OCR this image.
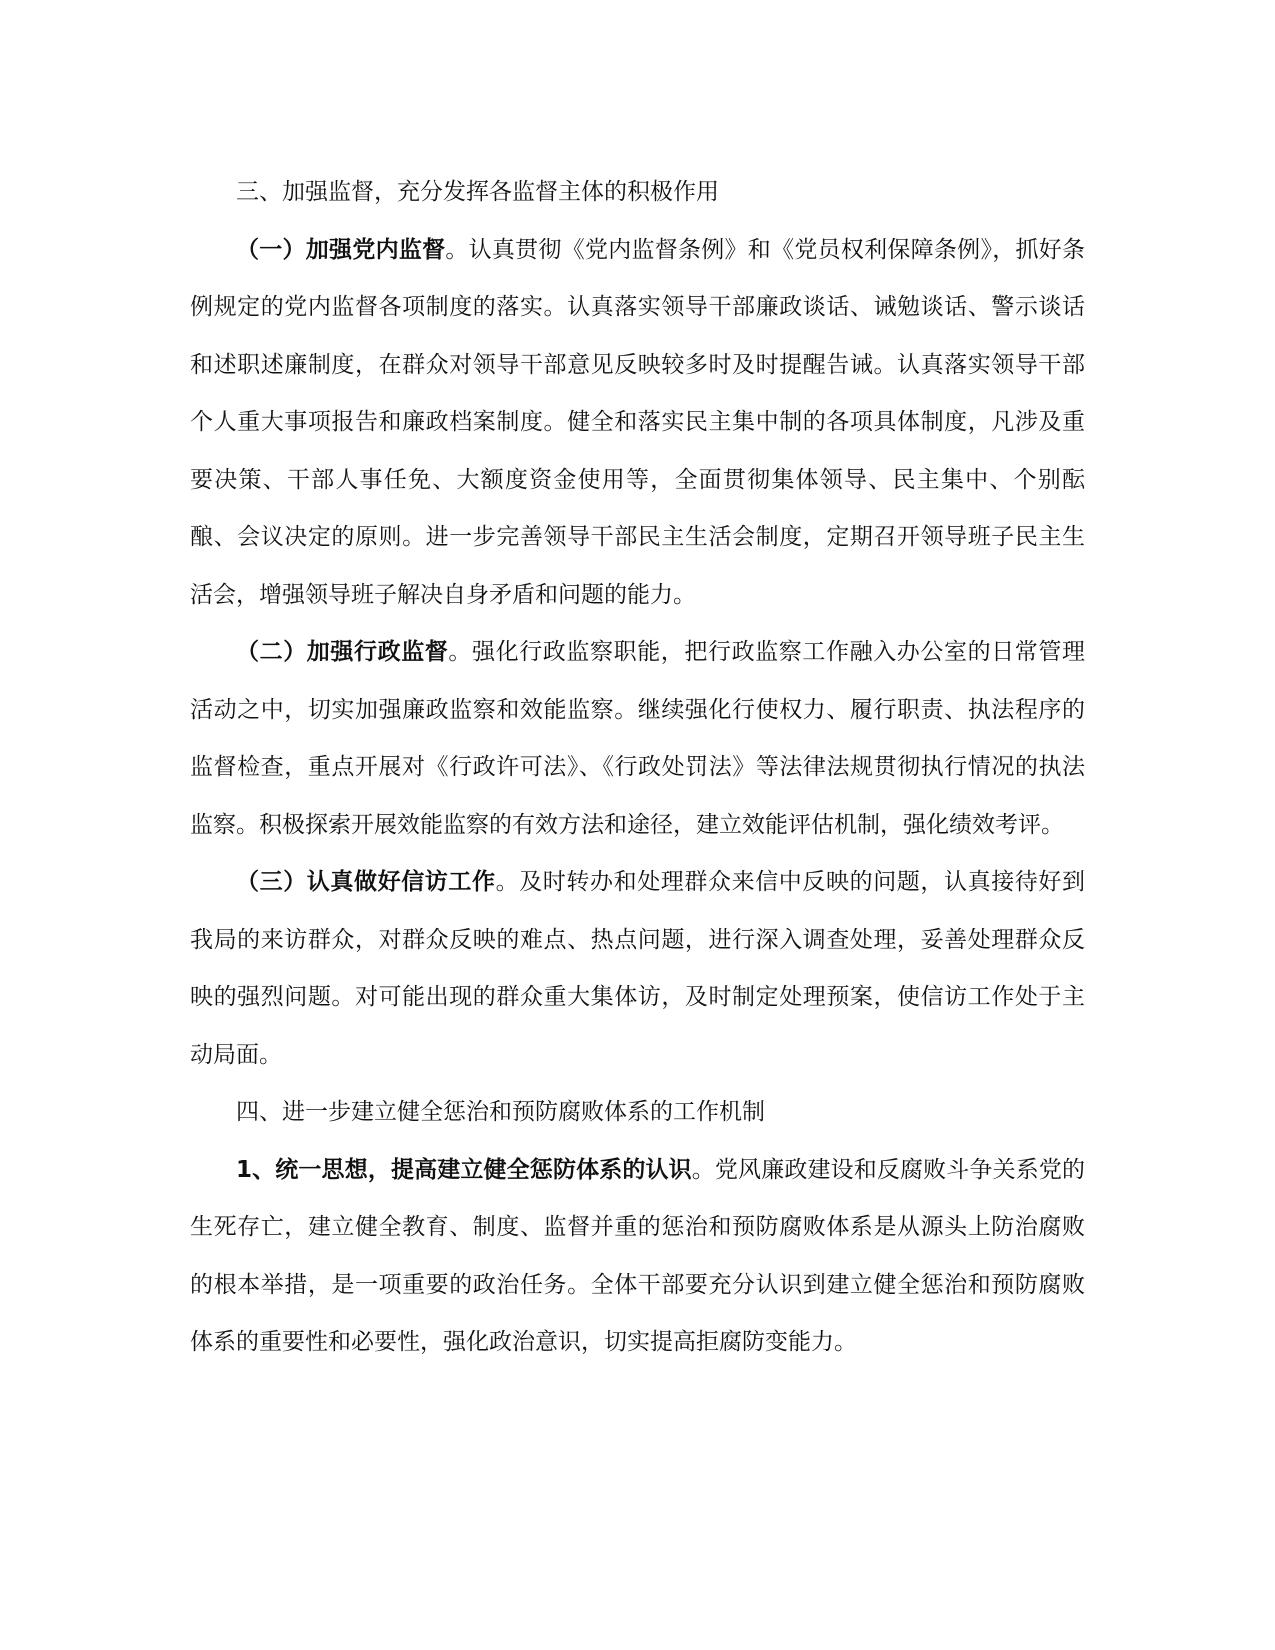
三、加强监督，充分发挥各监督主体的积极作用

（一）加强党内监督。认真贯彻《党内监督条例》和《党员权利保障条例》，抓好条例规定的党内监督各项制度的落实。认真落实领导干部廉政谈话、诫勉谈话、警示谈话和述职述廉制度，在群众对领导干部意见反映较多时及时提醒告诫。认真落实领导干部个人重大事项报告和廉政档案制度。健全和落实民主集中制的各项具体制度，凡涉及重要决策、干部人事任免、大额度资金使用等，全面贯彻集体领导、民主集中、个别酝酿、会议决定的原则。进一步完善领导干部民主生活会制度，定期召开领导班子民主生活会，增强领导班子解决自身矛盾和问题的能力。

（二）加强行政监督。强化行政监察职能，把行政监察工作融入办公室的日常管理活动之中，切实加强廉政监察和效能监察。继续强化行使权力、履行职责、执法程序的监督检查，重点开展对《行政许可法》、《行政处罚法》等法律法规贯彻执行情况的执法监察。积极探索开展效能监察的有效方法和途径，建立效能评估机制，强化绩效考评。

（三）认真做好信访工作。及时转办和处理群众来信中反映的问题，认真接待好到我局的来访群众，对群众反映的难点、热点问题，进行深入调查处理，妥善处理群众反映的强烈问题。对可能出现的群众重大集体访，及时制定处理预案，使信访工作处于主动局面。

四、进一步建立健全惩治和预防腐败体系的工作机制

1、统一思想，提高建立健全惩防体系的认识。党风廉政建设和反腐败斗争关系党的生死存亡，建立健全教育、制度、监督并重的惩治和预防腐败体系是从源头上防治腐败的根本举措，是一项重要的政治任务。全体干部要充分认识到建立健全惩治和预防腐败体系的重要性和必要性，强化政治意识，切实提高拒腐防变能力。
